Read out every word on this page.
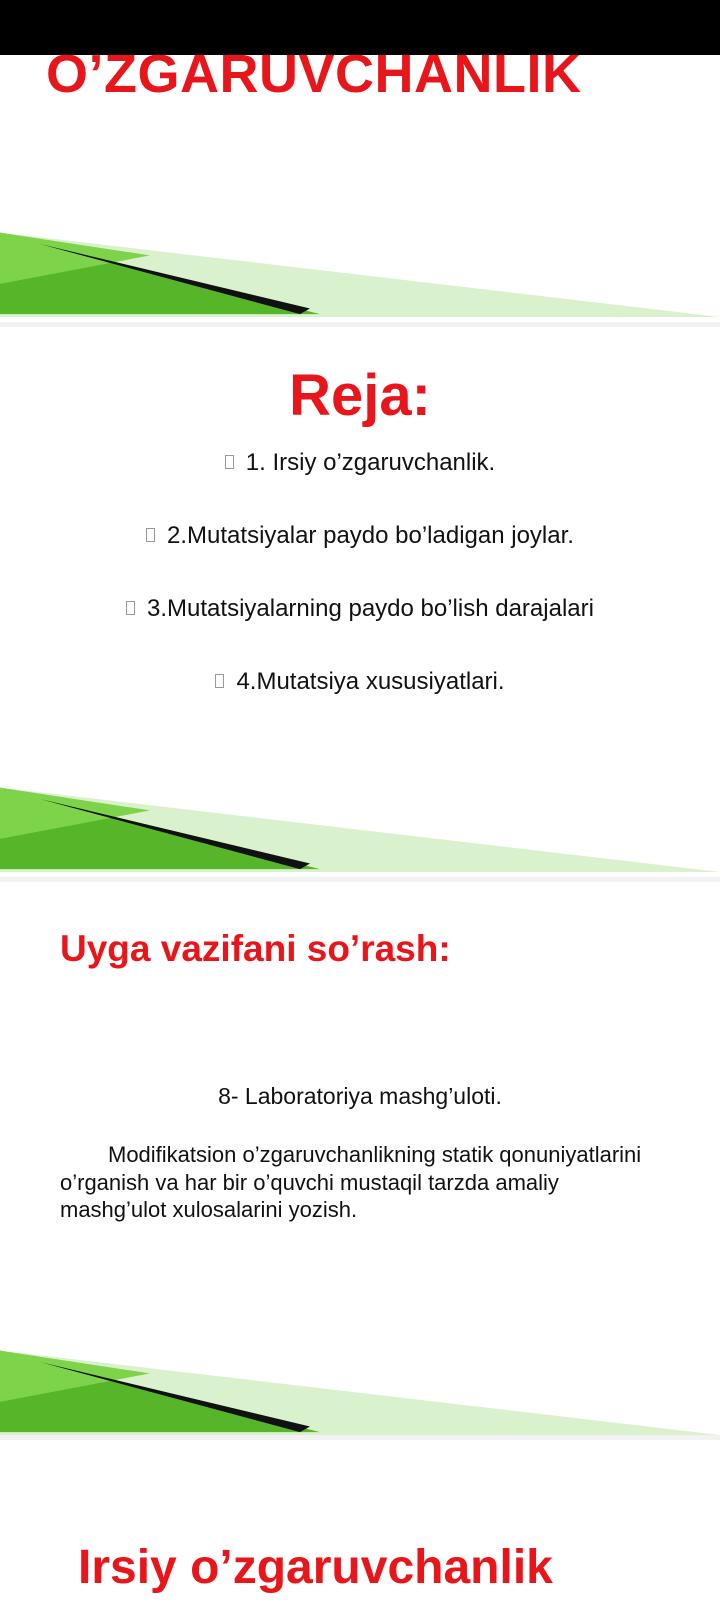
O’ZGARUVCHANLIK
Reja:
1. Irsiy o’zgaruvchanlik.
2.Mutatsiyalar paydo bo’ladigan joylar.
3.Mutatsiyalarning paydo bo’lish darajalari
4.Mutatsiya xususiyatlari.
Uyga vazifani so’rash:

8- Laboratoriya mashg’uloti.

Modifikatsion o’zgaruvchanlikning statik qonuniyatlarini o’rganish va har bir o’quvchi mustaqil tarzda amaliy mashg’ulot xulosalarini yozish.

Irsiy o’zgaruvchanlik
